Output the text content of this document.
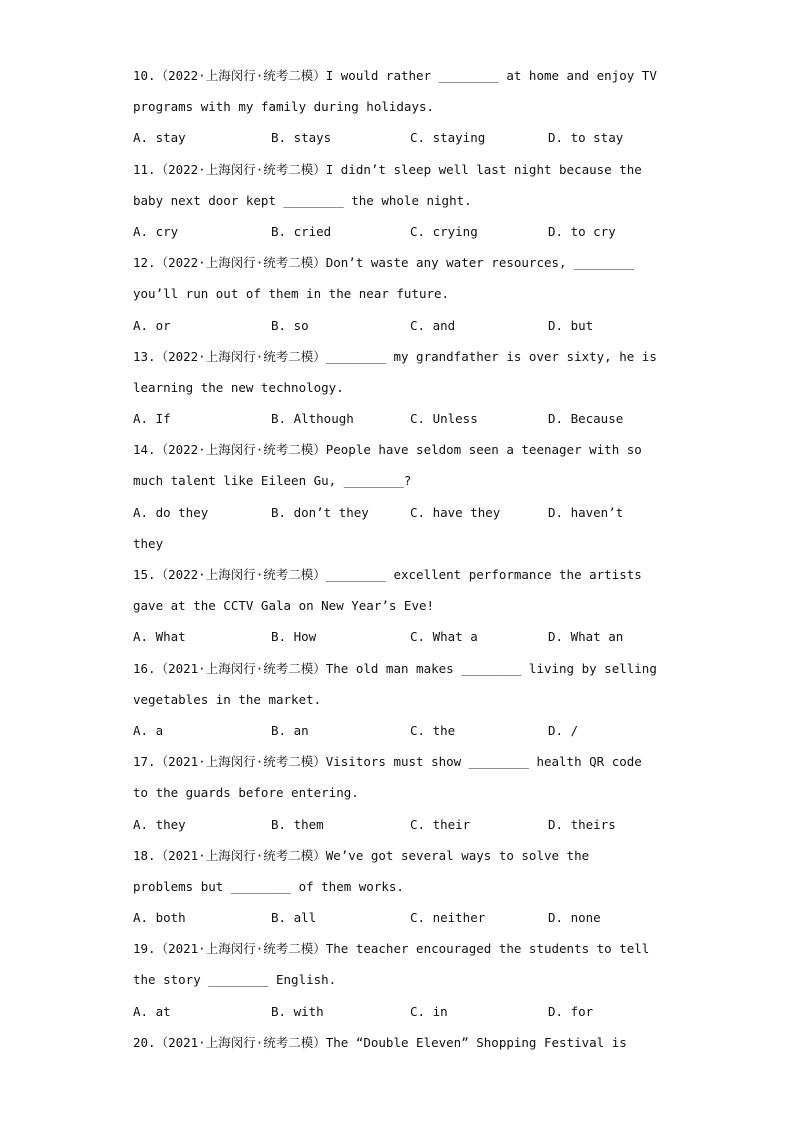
10.（2022·上海闵行·统考二模）I would rather ________ at home and enjoy TV
programs with my family during holidays.
A. stay	B. stays	C. staying	D. to stay
11.（2022·上海闵行·统考二模）I didn’t sleep well last night because the
baby next door kept ________ the whole night.
A. cry	B. cried	C. crying	D. to cry
12.（2022·上海闵行·统考二模）Don’t waste any water resources, ________
you’ll run out of them in the near future.
A. or	B. so	C. and	D. but
13.（2022·上海闵行·统考二模）________ my grandfather is over sixty, he is
learning the new technology.
A. If	B. Although	C. Unless	D. Because
14.（2022·上海闵行·统考二模）People have seldom seen a teenager with so
much talent like Eileen Gu, ________?
A. do they	B. don’t they	C. have they	D. haven’t
they
15.（2022·上海闵行·统考二模）________ excellent performance the artists
gave at the CCTV Gala on New Year’s Eve!
A. What	B. How	C. What a	D. What an
16.（2021·上海闵行·统考二模）The old man makes ________ living by selling
vegetables in the market.
A. a	B. an	C. the	D. /
17.（2021·上海闵行·统考二模）Visitors must show ________ health QR code
to the guards before entering.
A. they	B. them	C. their	D. theirs
18.（2021·上海闵行·统考二模）We’ve got several ways to solve the
problems but ________ of them works.
A. both	B. all	C. neither	D. none
19.（2021·上海闵行·统考二模）The teacher encouraged the students to tell
the story ________ English.
A. at	B. with	C. in	D. for
20.（2021·上海闵行·统考二模）The “Double Eleven” Shopping Festival is
